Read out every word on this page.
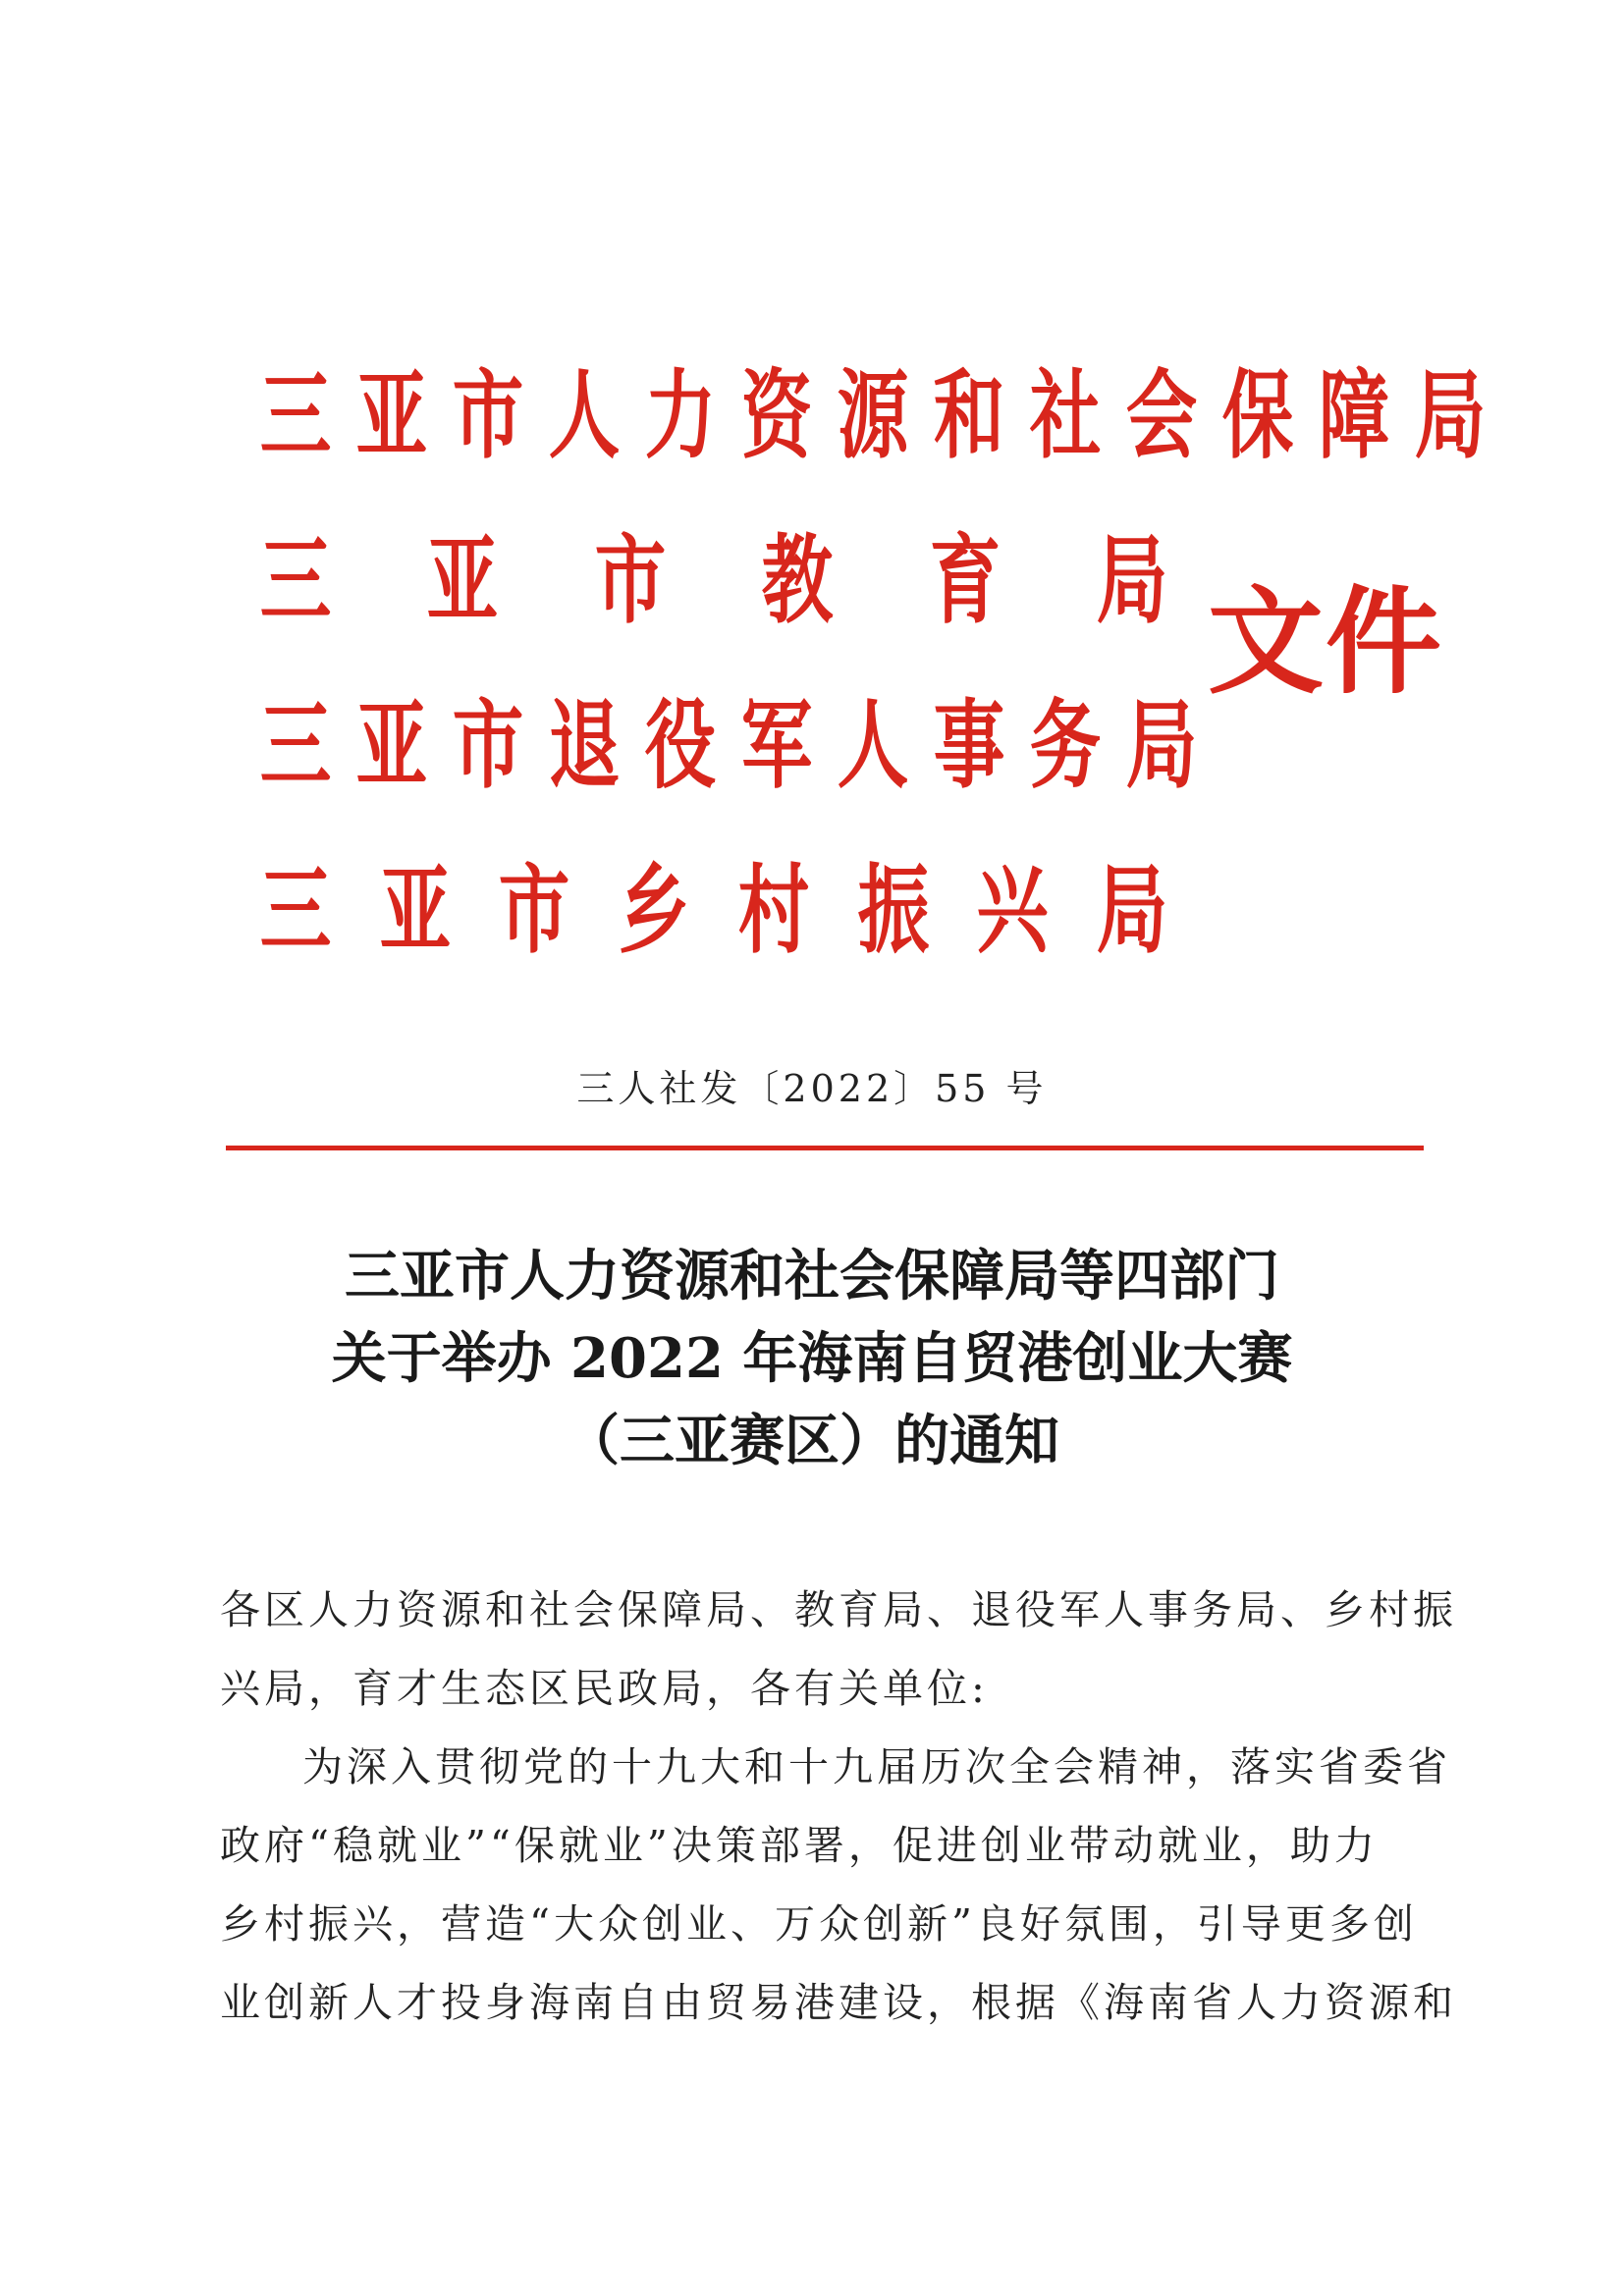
三 亚 市 人 力 资 源 和 社 会 保 障 局
三 亚 市 教 育 局
三 亚 市 退 役 军 人 事 务 局
三 亚 市 乡 村 振 兴 局
文件
三人社发〔2022〕55 号
三亚市人力资源和社会保障局等四部门
关于举办 2022 年海南自贸港创业大赛
（三亚赛区）的通知

各区人力资源和社会保障局、教育局、退役军人事务局、乡村振

兴局，育才生态区民政局，各有关单位:

为深入贯彻党的十九大和十九届历次全会精神，落实省委省

政府“稳就业”“保就业”决策部署，促进创业带动就业，助力

乡村振兴，营造“大众创业、万众创新”良好氛围，引导更多创

业创新人才投身海南自由贸易港建设，根据《海南省人力资源和
